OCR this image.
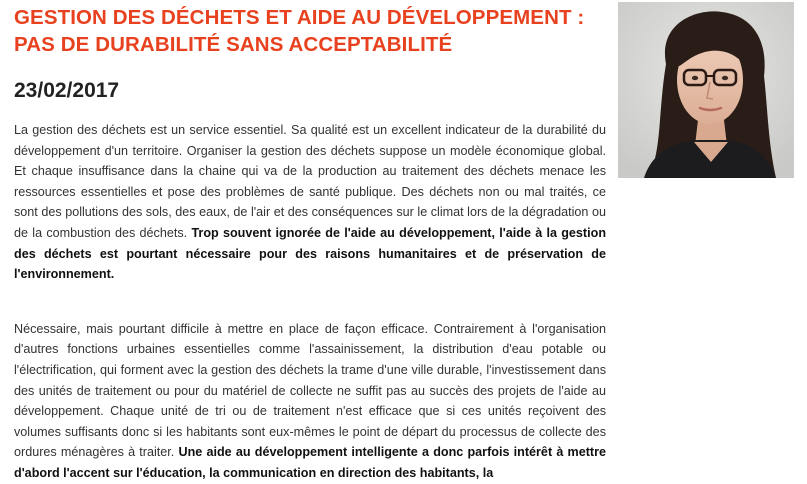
GESTION DES DÉCHETS ET AIDE AU DÉVELOPPEMENT : PAS DE DURABILITÉ SANS ACCEPTABILITÉ
23/02/2017

La gestion des déchets est un service essentiel. Sa qualité est un excellent indicateur de la durabilité du développement d'un territoire. Organiser la gestion des déchets suppose un modèle économique global. Et chaque insuffisance dans la chaine qui va de la production au traitement des déchets menace les ressources essentielles et pose des problèmes de santé publique. Des déchets non ou mal traités, ce sont des pollutions des sols, des eaux, de l'air et des conséquences sur le climat lors de la dégradation ou de la combustion des déchets. Trop souvent ignorée de l'aide au développement, l'aide à la gestion des déchets est pourtant nécessaire pour des raisons humanitaires et de préservation de l'environnement.

Nécessaire, mais pourtant difficile à mettre en place de façon efficace. Contrairement à l'organisation d'autres fonctions urbaines essentielles comme l'assainissement, la distribution d'eau potable ou l'électrification, qui forment avec la gestion des déchets la trame d'une ville durable, l'investissement dans des unités de traitement ou pour du matériel de collecte ne suffit pas au succès des projets de l'aide au développement. Chaque unité de tri ou de traitement n'est efficace que si ces unités reçoivent des volumes suffisants donc si les habitants sont eux-mêmes le point de départ du processus de collecte des ordures ménagères à traiter. Une aide au développement intelligente a donc parfois intérêt à mettre d'abord l'accent sur l'éducation, la communication en direction des habitants, la
